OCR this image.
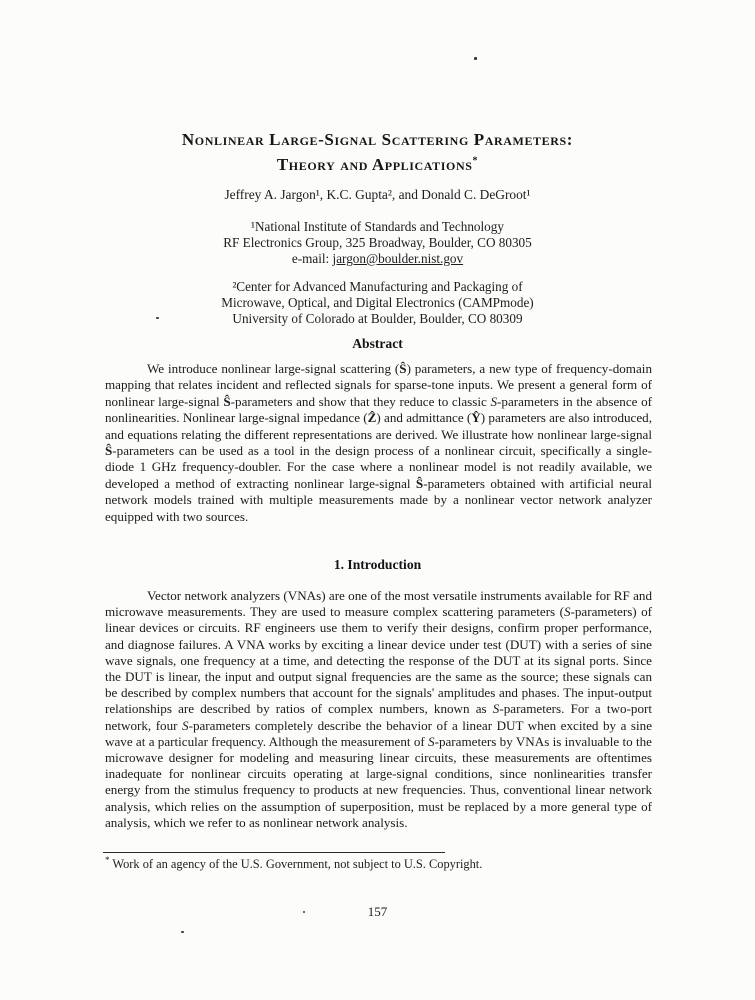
Nonlinear Large-Signal Scattering Parameters:
Theory and Applications*
Jeffrey A. Jargon¹, K.C. Gupta², and Donald C. DeGroot¹
¹National Institute of Standards and Technology
RF Electronics Group, 325 Broadway, Boulder, CO 80305
e-mail: jargon@boulder.nist.gov
²Center for Advanced Manufacturing and Packaging of
Microwave, Optical, and Digital Electronics (CAMPmode)
University of Colorado at Boulder, Boulder, CO 80309
Abstract

We introduce nonlinear large-signal scattering (Ŝ) parameters, a new type of frequency-domain mapping that relates incident and reflected signals for sparse-tone inputs. We present a general form of nonlinear large-signal Ŝ-parameters and show that they reduce to classic S-parameters in the absence of nonlinearities. Nonlinear large-signal impedance (Ẑ) and admittance (Ŷ) parameters are also introduced, and equations relating the different representations are derived. We illustrate how nonlinear large-signal Ŝ-parameters can be used as a tool in the design process of a nonlinear circuit, specifically a single-diode 1 GHz frequency-doubler. For the case where a nonlinear model is not readily available, we developed a method of extracting nonlinear large-signal Ŝ-parameters obtained with artificial neural network models trained with multiple measurements made by a nonlinear vector network analyzer equipped with two sources.

1. Introduction

Vector network analyzers (VNAs) are one of the most versatile instruments available for RF and microwave measurements. They are used to measure complex scattering parameters (S-parameters) of linear devices or circuits. RF engineers use them to verify their designs, confirm proper performance, and diagnose failures. A VNA works by exciting a linear device under test (DUT) with a series of sine wave signals, one frequency at a time, and detecting the response of the DUT at its signal ports. Since the DUT is linear, the input and output signal frequencies are the same as the source; these signals can be described by complex numbers that account for the signals' amplitudes and phases. The input-output relationships are described by ratios of complex numbers, known as S-parameters. For a two-port network, four S-parameters completely describe the behavior of a linear DUT when excited by a sine wave at a particular frequency. Although the measurement of S-parameters by VNAs is invaluable to the microwave designer for modeling and measuring linear circuits, these measurements are oftentimes inadequate for nonlinear circuits operating at large-signal conditions, since nonlinearities transfer energy from the stimulus frequency to products at new frequencies. Thus, conventional linear network analysis, which relies on the assumption of superposition, must be replaced by a more general type of analysis, which we refer to as nonlinear network analysis.

* Work of an agency of the U.S. Government, not subject to U.S. Copyright.
157
